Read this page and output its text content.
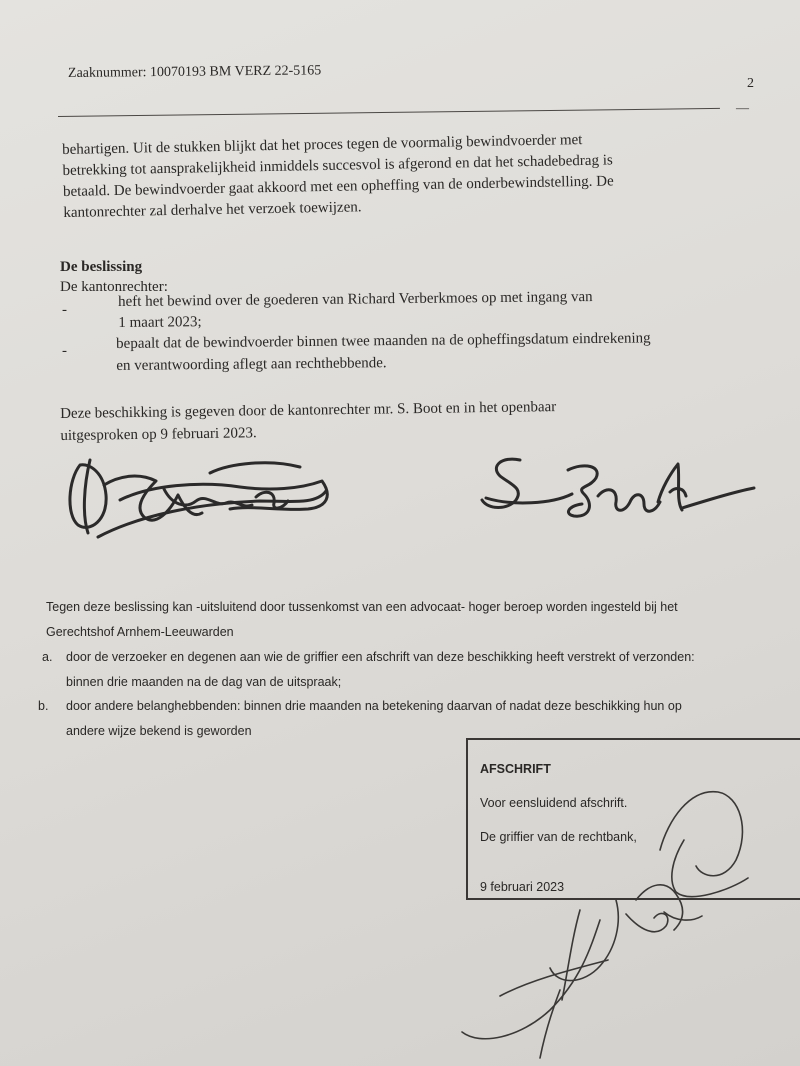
Zaaknummer: 10070193 BM VERZ 22-5165
2
—
behartigen. Uit de stukken blijkt dat het proces tegen de voormalig bewindvoerder met
betrekking tot aansprakelijkheid inmiddels succesvol is afgerond en dat het schadebedrag is
betaald. De bewindvoerder gaat akkoord met een opheffing van de onderbewindstelling. De
kantonrechter zal derhalve het verzoek toewijzen.
De beslissing
De kantonrechter:
-
heft het bewind over de goederen van Richard Verberkmoes op met ingang van
1 maart 2023;
-	bepaalt dat de bewindvoerder binnen twee maanden na de opheffingsdatum eindrekening
en verantwoording aflegt aan rechthebbende.
Deze beschikking is gegeven door de kantonrechter mr. S. Boot en in het openbaar
uitgesproken op 9 februari 2023.
Tegen deze beslissing kan -uitsluitend door tussenkomst van een advocaat- hoger beroep worden ingesteld bij het
Gerechtshof Arnhem-Leeuwarden
a. door de verzoeker en degenen aan wie de griffier een afschrift van deze beschikking heeft verstrekt of verzonden:
binnen drie maanden na de dag van de uitspraak;
b. door andere belanghebbenden: binnen drie maanden na betekening daarvan of nadat deze beschikking hun op
andere wijze bekend is geworden
AFSCHRIFT
Voor eensluidend afschrift.
De griffier van de rechtbank,
9 februari 2023
